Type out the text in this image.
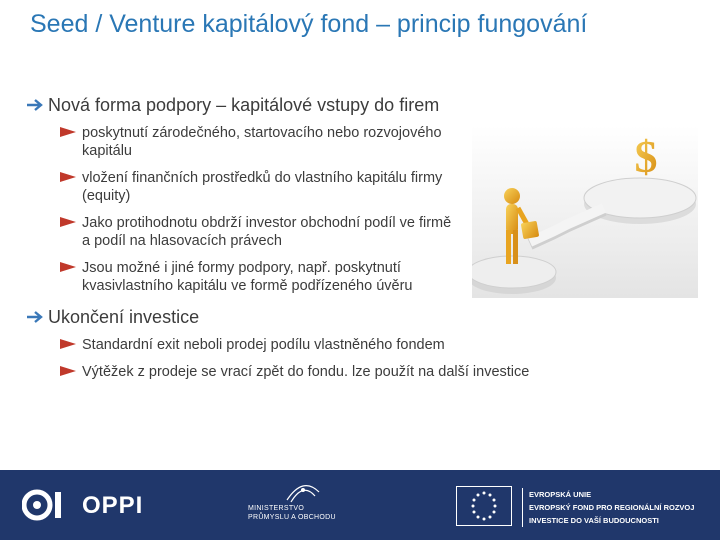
Seed / Venture kapitálový fond – princip fungování
Nová forma podpory – kapitálové vstupy do firem
poskytnutí zárodečného, startovacího nebo rozvojového kapitálu
vložení finančních prostředků do vlastního kapitálu firmy (equity)
Jako protihodnotu obdrží investor obchodní podíl ve firmě a podíl na hlasovacích právech
Jsou možné i jiné formy podpory, např. poskytnutí kvasivlastního kapitálu ve formě podřízeného úvěru
Ukončení investice
Standardní exit neboli prodej podílu vlastněného fondem
Výtěžek z prodeje se vrací zpět do fondu. lze použít na další investice
$
OPPI	MINISTERSTVO
PRŮMYSLU A OBCHODU
EVROPSKÁ UNIE
EVROPSKÝ FOND PRO REGIONÁLNÍ ROZVOJ
INVESTICE DO VAŠÍ BUDOUCNOSTI
